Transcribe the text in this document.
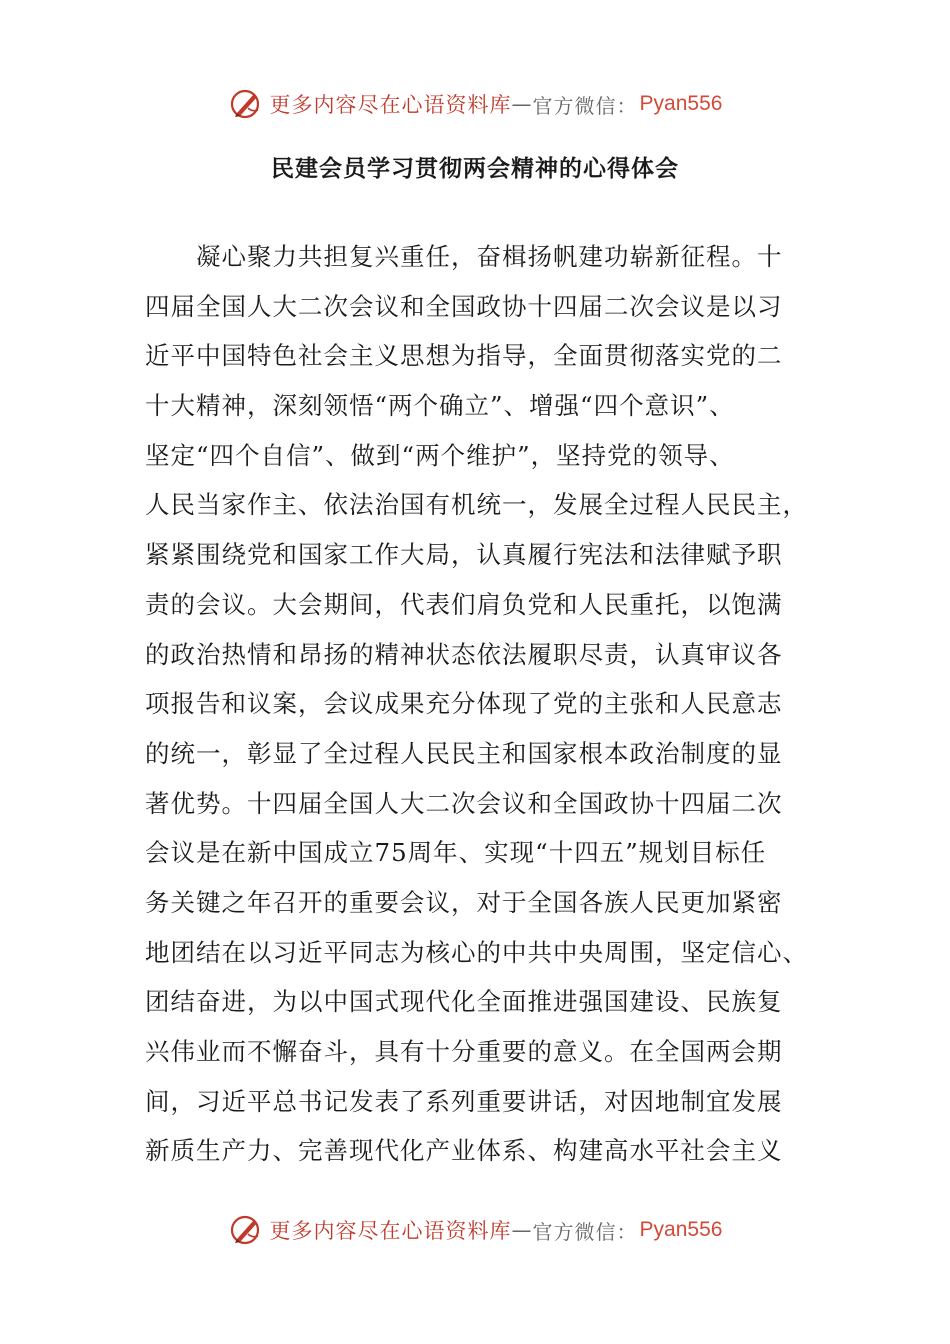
更多内容尽在心语资料库 — 官方微信： Pyan556
民建会员学习贯彻两会精神的心得体会
　　凝心聚力共担复兴重任，奋楫扬帆建功崭新征程。十
四届全国人大二次会议和全国政协十四届二次会议是以习
近平中国特色社会主义思想为指导，全面贯彻落实党的二
十大精神，深刻领悟“两个确立”、增强“四个意识”、
坚定“四个自信”、做到“两个维护”，坚持党的领导、
人民当家作主、依法治国有机统一，发展全过程人民民主，
紧紧围绕党和国家工作大局，认真履行宪法和法律赋予职
责的会议。大会期间，代表们肩负党和人民重托，以饱满
的政治热情和昂扬的精神状态依法履职尽责，认真审议各
项报告和议案，会议成果充分体现了党的主张和人民意志
的统一，彰显了全过程人民民主和国家根本政治制度的显
著优势。十四届全国人大二次会议和全国政协十四届二次
会议是在新中国成立75周年、实现“十四五”规划目标任
务关键之年召开的重要会议，对于全国各族人民更加紧密
地团结在以习近平同志为核心的中共中央周围，坚定信心、
团结奋进，为以中国式现代化全面推进强国建设、民族复
兴伟业而不懈奋斗，具有十分重要的意义。在全国两会期
间，习近平总书记发表了系列重要讲话，对因地制宜发展
新质生产力、完善现代化产业体系、构建高水平社会主义
更多内容尽在心语资料库 — 官方微信： Pyan556
